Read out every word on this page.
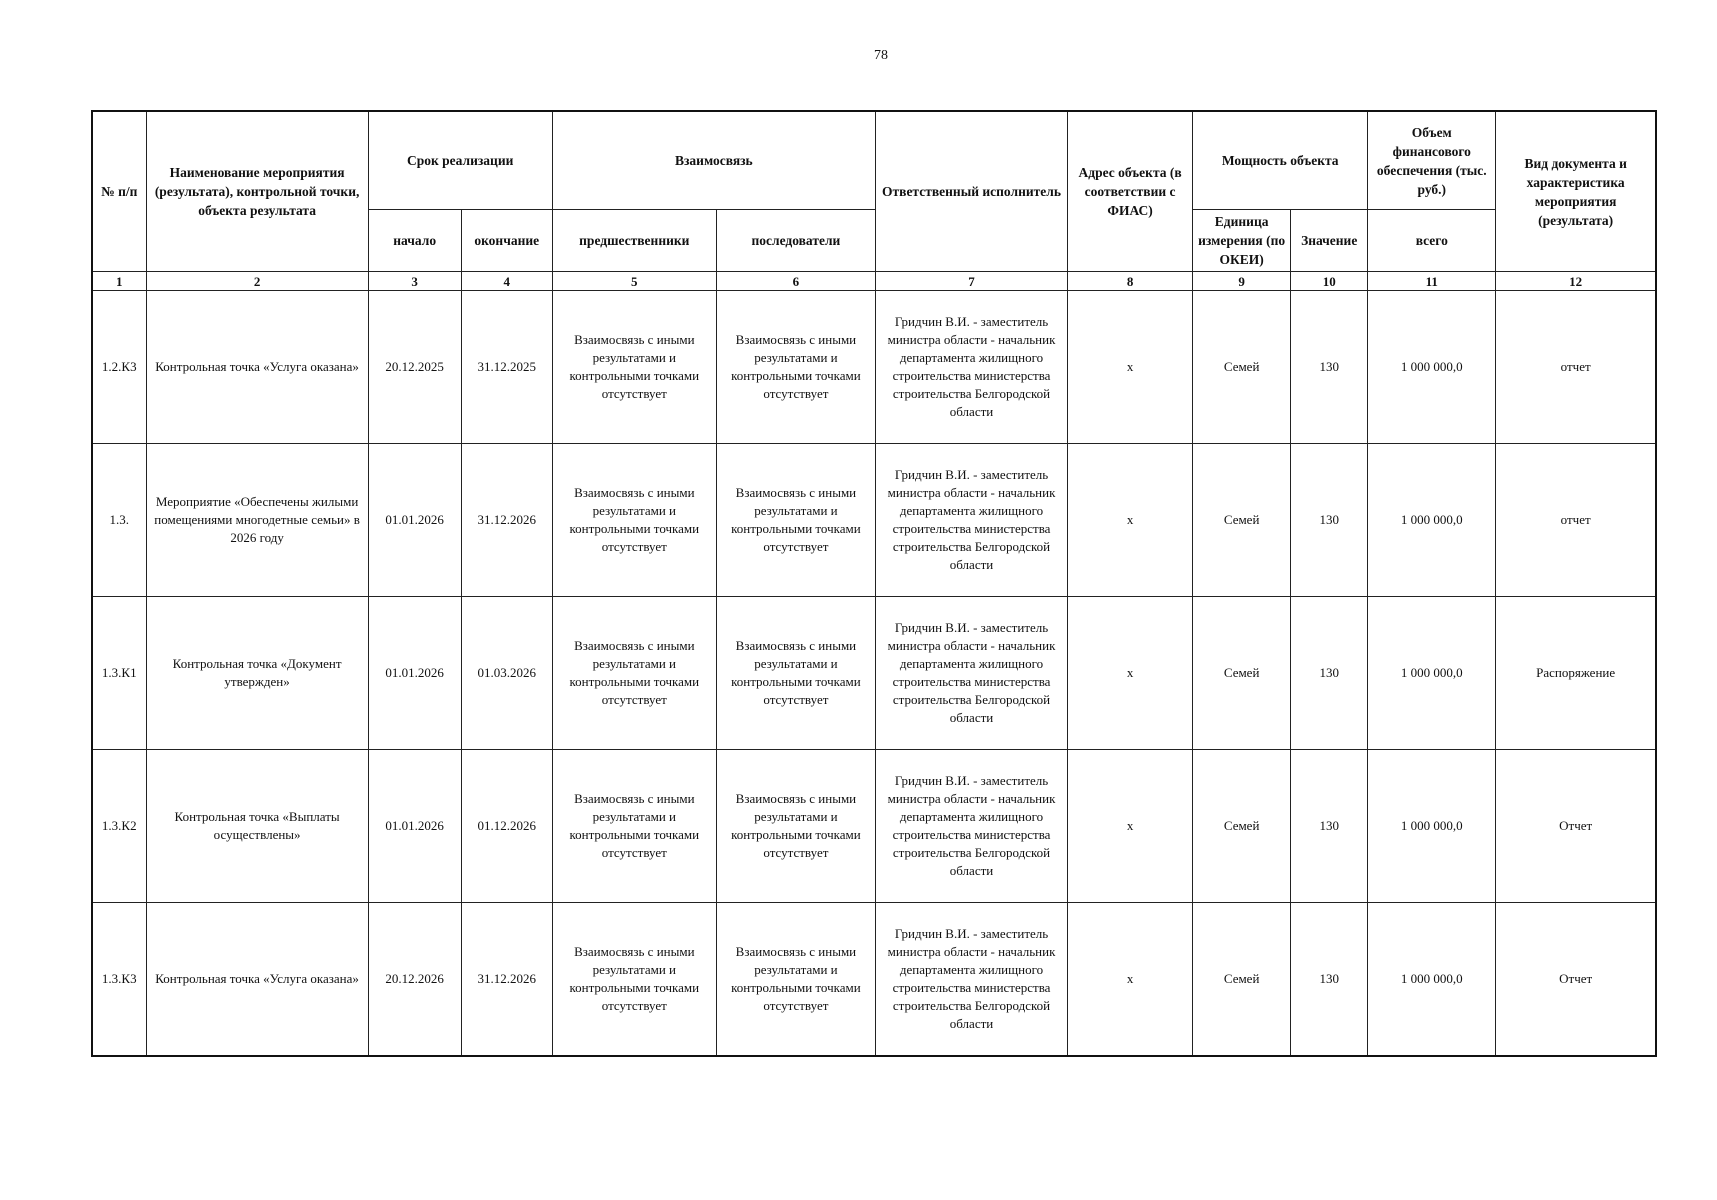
78
№ п/п	Наименование мероприятия (результата), контрольной точки, объекта результата	Срок реализации		Взаимосвязь		Ответственный исполнитель	Адрес объекта (в соответствии с ФИАС)	Мощность объекта		Объем финансового обеспечения (тыс. руб.)	Вид документа и характеристика мероприятия (результата)
		начало	окончание	предшественники	последователи			Единица измерения (по ОКЕИ)	Значение	всего	
1	2	3	4	5	6	7	8	9	10	11	12
1.2.К3	Контрольная точка «Услуга оказана»	20.12.2025	31.12.2025	Взаимосвязь с иными результатами и контрольными точками отсутствует	Взаимосвязь с иными результатами и контрольными точками отсутствует	Гридчин В.И. - заместитель министра области - начальник департамента жилищного строительства министерства строительства Белгородской области	х	Семей	130	1 000 000,0	отчет
1.3.	Мероприятие «Обеспечены жилыми помещениями многодетные семьи» в 2026 году	01.01.2026	31.12.2026	Взаимосвязь с иными результатами и контрольными точками отсутствует	Взаимосвязь с иными результатами и контрольными точками отсутствует	Гридчин В.И. - заместитель министра области - начальник департамента жилищного строительства министерства строительства Белгородской области	х	Семей	130	1 000 000,0	отчет
1.3.К1	Контрольная точка «Документ утвержден»	01.01.2026	01.03.2026	Взаимосвязь с иными результатами и контрольными точками отсутствует	Взаимосвязь с иными результатами и контрольными точками отсутствует	Гридчин В.И. - заместитель министра области - начальник департамента жилищного строительства министерства строительства Белгородской области	х	Семей	130	1 000 000,0	Распоряжение
1.3.К2	Контрольная точка «Выплаты осуществлены»	01.01.2026	01.12.2026	Взаимосвязь с иными результатами и контрольными точками отсутствует	Взаимосвязь с иными результатами и контрольными точками отсутствует	Гридчин В.И. - заместитель министра области - начальник департамента жилищного строительства министерства строительства Белгородской области	х	Семей	130	1 000 000,0	Отчет
1.3.К3	Контрольная точка «Услуга оказана»	20.12.2026	31.12.2026	Взаимосвязь с иными результатами и контрольными точками отсутствует	Взаимосвязь с иными результатами и контрольными точками отсутствует	Гридчин В.И. - заместитель министра области - начальник департамента жилищного строительства министерства строительства Белгородской области	х	Семей	130	1 000 000,0	Отчет
